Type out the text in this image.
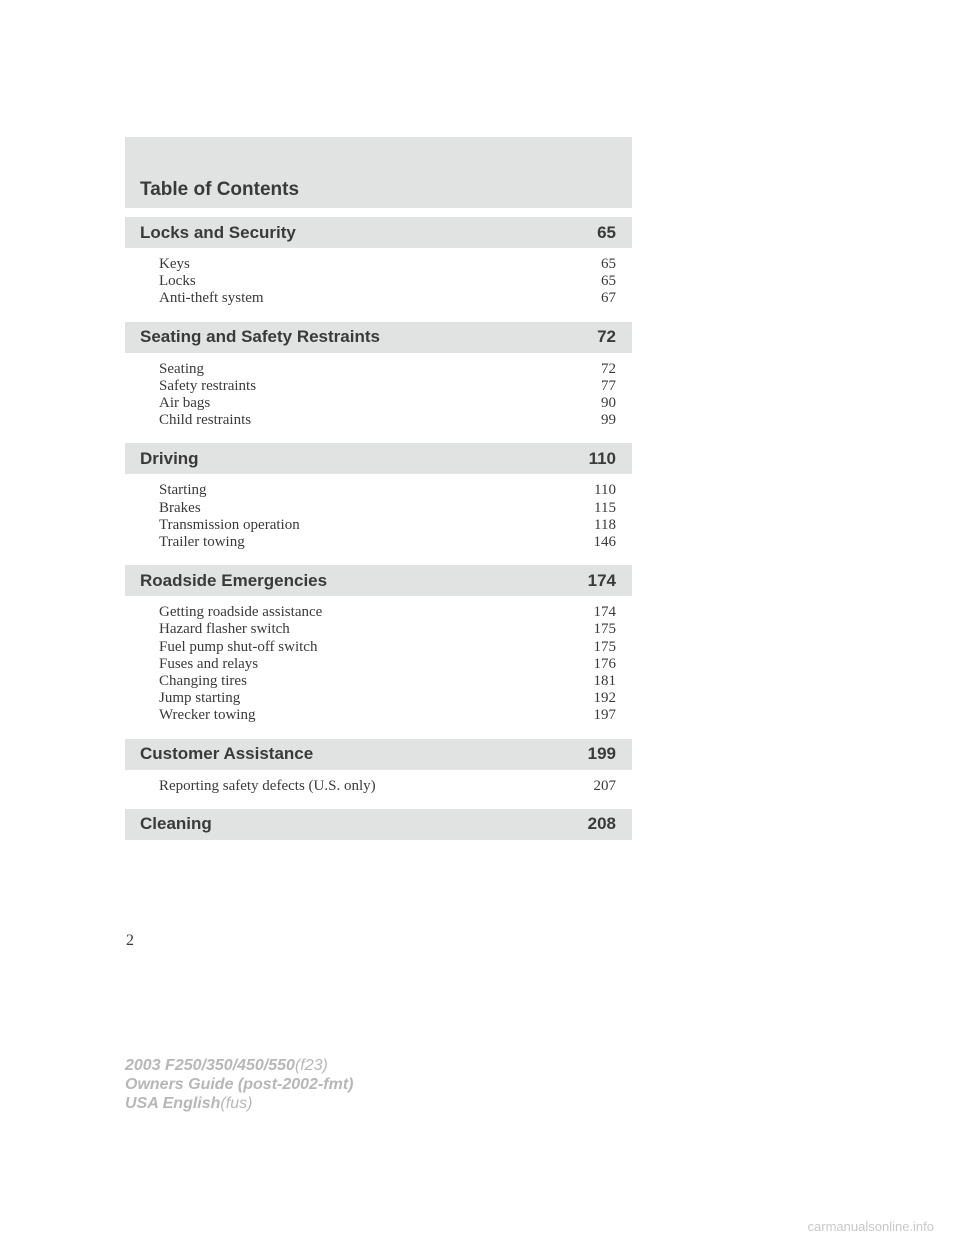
Table of Contents
Locks and Security	65
Keys	65
Locks	65
Anti-theft system	67
Seating and Safety Restraints	72
Seating	72
Safety restraints	77
Air bags	90
Child restraints	99
Driving	110
Starting	110
Brakes	115
Transmission operation	118
Trailer towing	146
Roadside Emergencies	174
Getting roadside assistance	174
Hazard flasher switch	175
Fuel pump shut-off switch	175
Fuses and relays	176
Changing tires	181
Jump starting	192
Wrecker towing	197
Customer Assistance	199
Reporting safety defects (U.S. only)	207
Cleaning	208
2
2003 F250/350/450/550(f23)
Owners Guide (post-2002-fmt)
USA English(fus)
carmanualsonline.info
